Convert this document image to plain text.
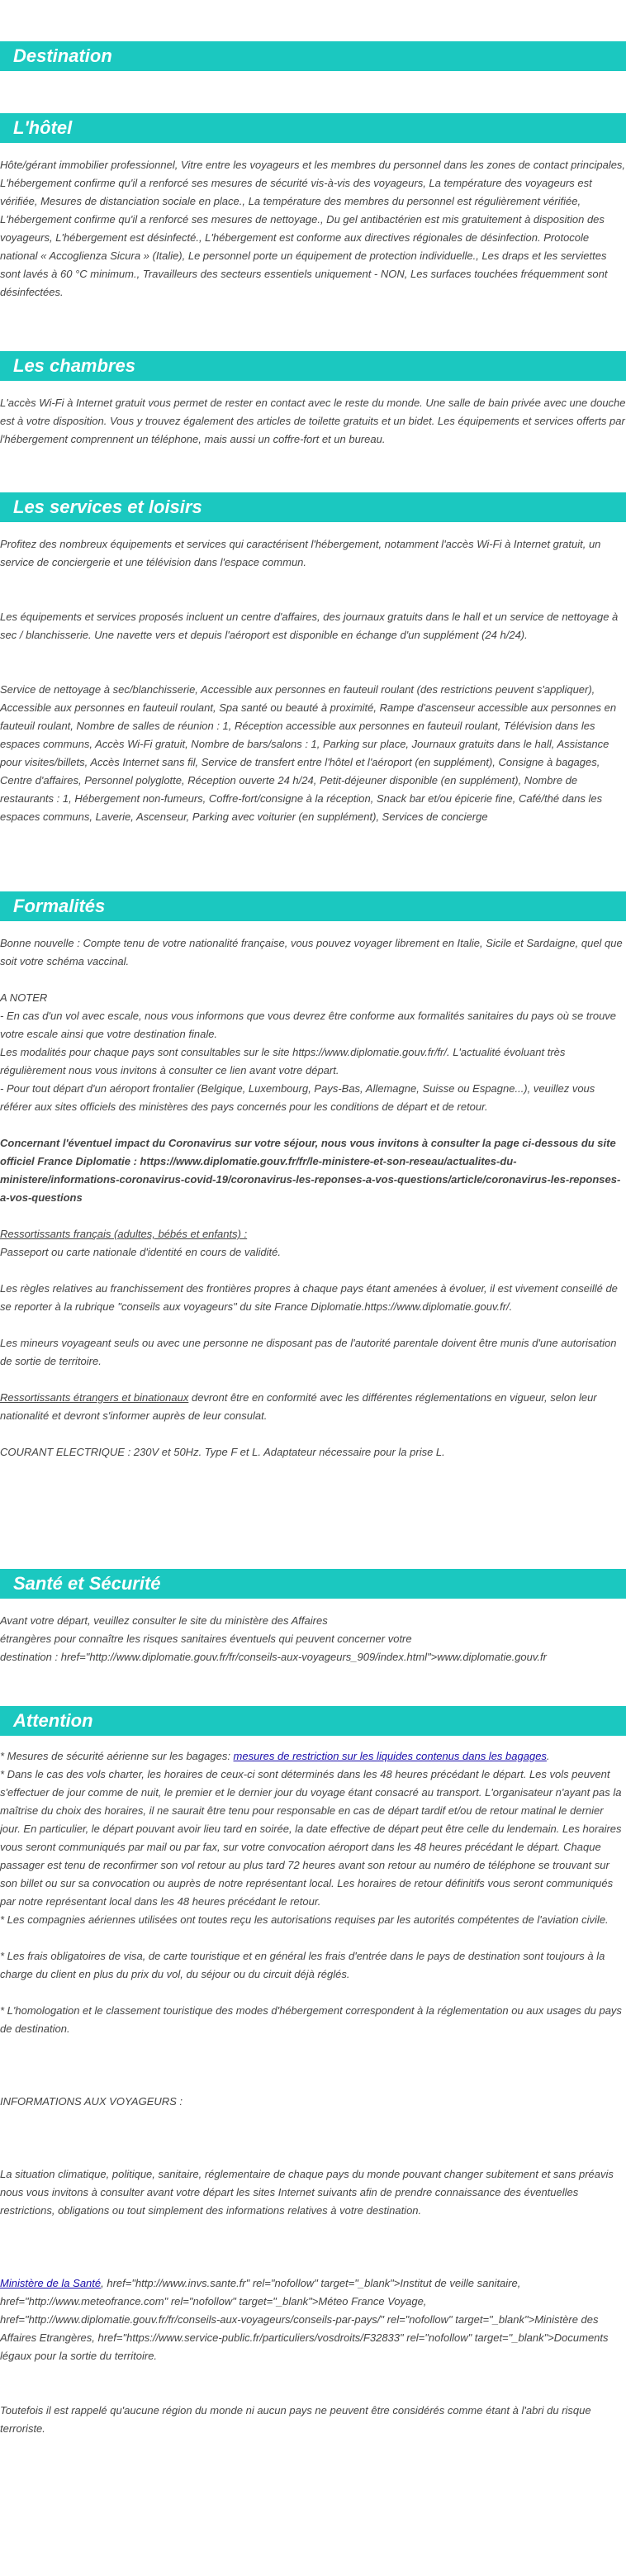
Destination
L'hôtel

Hôte/gérant immobilier professionnel, Vitre entre les voyageurs et les membres du personnel dans les zones de contact principales, L'hébergement confirme qu'il a renforcé ses mesures de sécurité vis-à-vis des voyageurs, La température des voyageurs est vérifiée, Mesures de distanciation sociale en place., La température des membres du personnel est régulièrement vérifiée, L'hébergement confirme qu'il a renforcé ses mesures de nettoyage., Du gel antibactérien est mis gratuitement à disposition des voyageurs, L'hébergement est désinfecté., L'hébergement est conforme aux directives régionales de désinfection. Protocole national « Accoglienza Sicura » (Italie), Le personnel porte un équipement de protection individuelle., Les draps et les serviettes sont lavés à 60 °C minimum., Travailleurs des secteurs essentiels uniquement - NON, Les surfaces touchées fréquemment sont désinfectées.

Les chambres

L'accès Wi-Fi à Internet gratuit vous permet de rester en contact avec le reste du monde. Une salle de bain privée avec une douche est à votre disposition. Vous y trouvez également des articles de toilette gratuits et un bidet. Les équipements et services offerts par l'hébergement comprennent un téléphone, mais aussi un coffre-fort et un bureau.

Les services et loisirs

Profitez des nombreux équipements et services qui caractérisent l'hébergement, notamment l'accès Wi-Fi à Internet gratuit, un service de conciergerie et une télévision dans l'espace commun.

Les équipements et services proposés incluent un centre d'affaires, des journaux gratuits dans le hall et un service de nettoyage à sec / blanchisserie. Une navette vers et depuis l'aéroport est disponible en échange d'un supplément (24 h/24).

Service de nettoyage à sec/blanchisserie, Accessible aux personnes en fauteuil roulant (des restrictions peuvent s'appliquer), Accessible aux personnes en fauteuil roulant, Spa santé ou beauté à proximité, Rampe d'ascenseur accessible aux personnes en fauteuil roulant, Nombre de salles de réunion : 1, Réception accessible aux personnes en fauteuil roulant, Télévision dans les espaces communs, Accès Wi-Fi gratuit, Nombre de bars/salons : 1, Parking sur place, Journaux gratuits dans le hall, Assistance pour visites/billets, Accès Internet sans fil, Service de transfert entre l'hôtel et l'aéroport (en supplément), Consigne à bagages, Centre d'affaires, Personnel polyglotte, Réception ouverte 24 h/24, Petit-déjeuner disponible (en supplément), Nombre de restaurants : 1, Hébergement non-fumeurs, Coffre-fort/consigne à la réception, Snack bar et/ou épicerie fine, Café/thé dans les espaces communs, Laverie, Ascenseur, Parking avec voiturier (en supplément), Services de concierge

Formalités

Bonne nouvelle : Compte tenu de votre nationalité française, vous pouvez voyager librement en Italie, Sicile et Sardaigne, quel que soit votre schéma vaccinal.

A NOTER

- En cas d'un vol avec escale, nous vous informons que vous devrez être conforme aux formalités sanitaires du pays où se trouve votre escale ainsi que votre destination finale.

Les modalités pour chaque pays sont consultables sur le site https://www.diplomatie.gouv.fr/fr/. L'actualité évoluant très régulièrement nous vous invitons à consulter ce lien avant votre départ.

- Pour tout départ d'un aéroport frontalier (Belgique, Luxembourg, Pays-Bas, Allemagne, Suisse ou Espagne...), veuillez vous référer aux sites officiels des ministères des pays concernés pour les conditions de départ et de retour.

Concernant l'éventuel impact du Coronavirus sur votre séjour, nous vous invitons à consulter la page ci-dessous du site officiel France Diplomatie : https://www.diplomatie.gouv.fr/fr/le-ministere-et-son-reseau/actualites-du-ministere/informations-coronavirus-covid-19/coronavirus-les-reponses-a-vos-questions/article/coronavirus-les-reponses-a-vos-questions

Ressortissants français (adultes, bébés et enfants) :

Passeport ou carte nationale d'identité en cours de validité.

Les règles relatives au franchissement des frontières propres à chaque pays étant amenées à évoluer, il est vivement conseillé de se reporter à la rubrique "conseils aux voyageurs" du site France Diplomatie.https://www.diplomatie.gouv.fr/.

Les mineurs voyageant seuls ou avec une personne ne disposant pas de l'autorité parentale doivent être munis d'une autorisation de sortie de territoire.

Ressortissants étrangers et binationaux devront être en conformité avec les différentes réglementations en vigueur, selon leur nationalité et devront s'informer auprès de leur consulat.

COURANT ELECTRIQUE : 230V et 50Hz. Type F et L. Adaptateur nécessaire pour la prise L.

Santé et Sécurité

Avant votre départ, veuillez consulter le site du ministère des Affaires

étrangères pour connaître les risques sanitaires éventuels qui peuvent concerner votre

destination : href="http://www.diplomatie.gouv.fr/fr/conseils-aux-voyageurs_909/index.html">www.diplomatie.gouv.fr

Attention

* Mesures de sécurité aérienne sur les bagages: mesures de restriction sur les liquides contenus dans les bagages.

* Dans le cas des vols charter, les horaires de ceux-ci sont déterminés dans les 48 heures précédant le départ. Les vols peuvent s'effectuer de jour comme de nuit, le premier et le dernier jour du voyage étant consacré au transport. L'organisateur n'ayant pas la maîtrise du choix des horaires, il ne saurait être tenu pour responsable en cas de départ tardif et/ou de retour matinal le dernier jour. En particulier, le départ pouvant avoir lieu tard en soirée, la date effective de départ peut être celle du lendemain. Les horaires vous seront communiqués par mail ou par fax, sur votre convocation aéroport dans les 48 heures précédant le départ. Chaque passager est tenu de reconfirmer son vol retour au plus tard 72 heures avant son retour au numéro de téléphone se trouvant sur son billet ou sur sa convocation ou auprès de notre représentant local. Les horaires de retour définitifs vous seront communiqués par notre représentant local dans les 48 heures précédant le retour.

* Les compagnies aériennes utilisées ont toutes reçu les autorisations requises par les autorités compétentes de l'aviation civile.

* Les frais obligatoires de visa, de carte touristique et en général les frais d'entrée dans le pays de destination sont toujours à la charge du client en plus du prix du vol, du séjour ou du circuit déjà réglés.

* L'homologation et le classement touristique des modes d'hébergement correspondent à la réglementation ou aux usages du pays de destination.

INFORMATIONS AUX VOYAGEURS :

La situation climatique, politique, sanitaire, réglementaire de chaque pays du monde pouvant changer subitement et sans préavis

nous vous invitons à consulter avant votre départ les sites Internet suivants afin de prendre connaissance des éventuelles restrictions, obligations ou tout simplement des informations relatives à votre destination.

Ministère de la Santé, href="http://www.invs.sante.fr" rel="nofollow" target="_blank">Institut de veille sanitaire, href="http://www.meteofrance.com" rel="nofollow" target="_blank">Méteo France Voyage, href="http://www.diplomatie.gouv.fr/fr/conseils-aux-voyageurs/conseils-par-pays/" rel="nofollow" target="_blank">Ministère des Affaires Etrangères, href="https://www.service-public.fr/particuliers/vosdroits/F32833" rel="nofollow" target="_blank">Documents légaux pour la sortie du territoire.

Toutefois il est rappelé qu'aucune région du monde ni aucun pays ne peuvent être considérés comme étant à l'abri du risque terroriste.
